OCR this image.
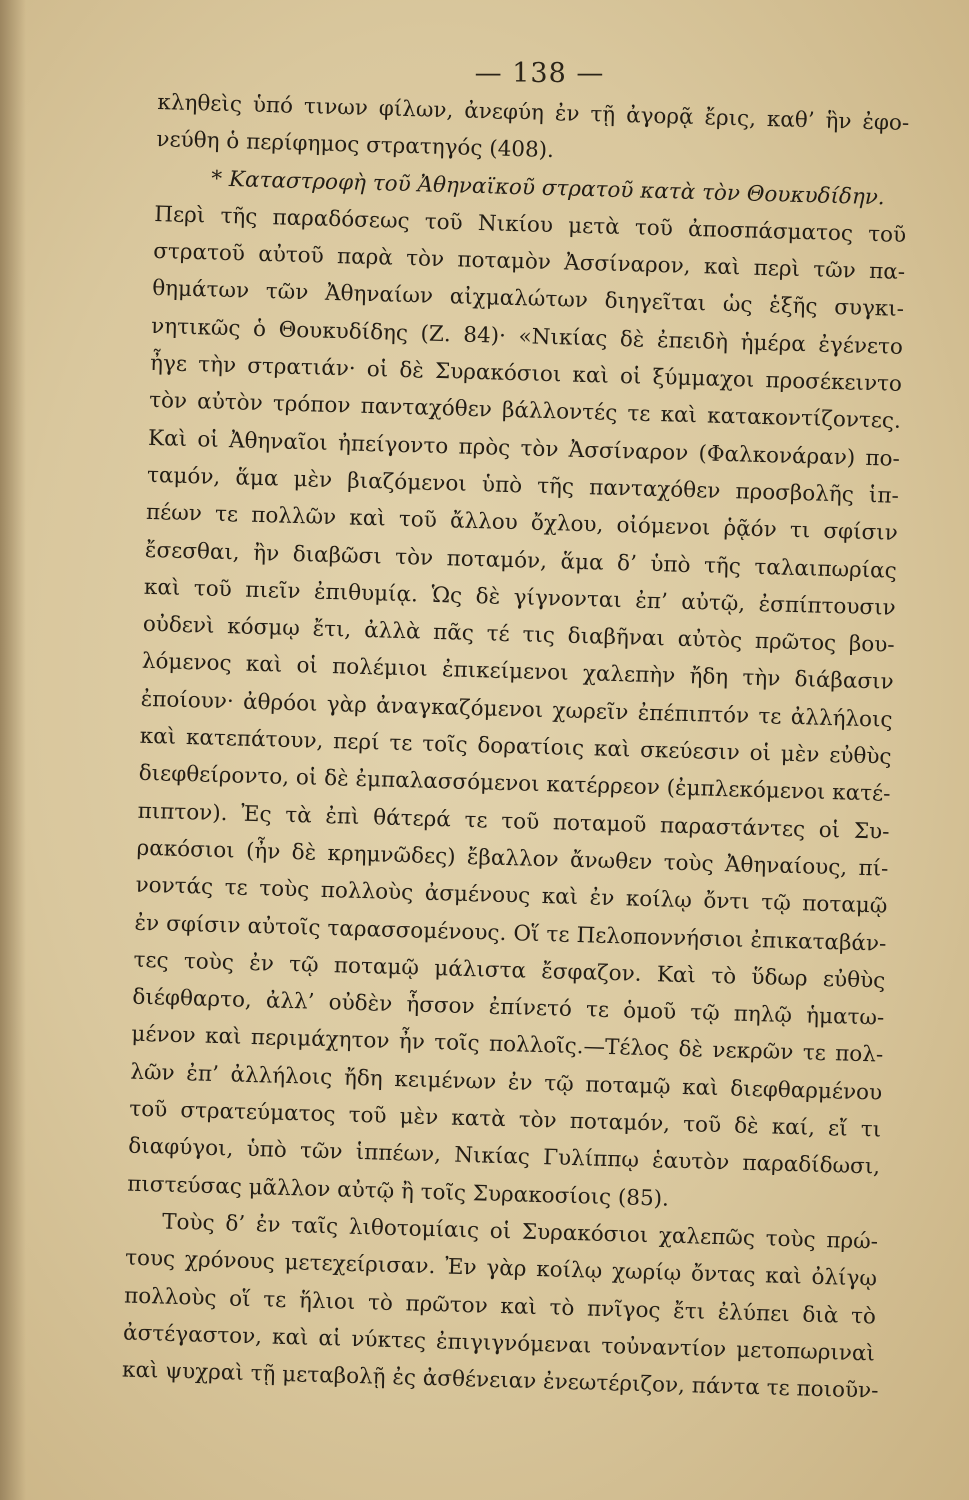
— 138 —
κληθεὶς ὑπό τινων φίλων, ἀνεφύη ἐν τῇ ἀγορᾷ ἔρις, καθ’ ἣν ἐφο-
νεύθη ὁ περίφημος στρατηγός (408).
* Καταστροφὴ τοῦ Ἀθηναϊκοῦ στρατοῦ κατὰ τὸν Θουκυδίδην.
Περὶ τῆς παραδόσεως τοῦ Νικίου μετὰ τοῦ ἀποσπάσματος τοῦ
στρατοῦ αὐτοῦ παρὰ τὸν ποταμὸν Ἀσσίναρον, καὶ περὶ τῶν πα-
θημάτων τῶν Ἀθηναίων αἰχμαλώτων διηγεῖται ὡς ἑξῆς συγκι-
νητικῶς ὁ Θουκυδίδης (Ζ. 84)· «Νικίας δὲ ἐπειδὴ ἡμέρα ἐγένετο
ἦγε τὴν στρατιάν· οἱ δὲ Συρακόσιοι καὶ οἱ ξύμμαχοι προσέκειντο
τὸν αὐτὸν τρόπον πανταχόθεν βάλλοντές τε καὶ κατακοντίζοντες.
Καὶ οἱ Ἀθηναῖοι ἠπείγοντο πρὸς τὸν Ἀσσίναρον (Φαλκονάραν) πο-
ταμόν, ἅμα μὲν βιαζόμενοι ὑπὸ τῆς πανταχόθεν προσβολῆς ἱπ-
πέων τε πολλῶν καὶ τοῦ ἄλλου ὄχλου, οἰόμενοι ῥᾷόν τι σφίσιν
ἔσεσθαι, ἢν διαβῶσι τὸν ποταμόν, ἅμα δ’ ὑπὸ τῆς ταλαιπωρίας
καὶ τοῦ πιεῖν ἐπιθυμίᾳ. Ὡς δὲ γίγνονται ἐπ’ αὐτῷ, ἐσπίπτουσιν
οὐδενὶ κόσμῳ ἔτι, ἀλλὰ πᾶς τέ τις διαβῆναι αὐτὸς πρῶτος βου-
λόμενος καὶ οἱ πολέμιοι ἐπικείμενοι χαλεπὴν ἤδη τὴν διάβασιν
ἐποίουν· ἀθρόοι γὰρ ἀναγκαζόμενοι χωρεῖν ἐπέπιπτόν τε ἀλλήλοις
καὶ κατεπάτουν, περί τε τοῖς δορατίοις καὶ σκεύεσιν οἱ μὲν εὐθὺς
διεφθείροντο, οἱ δὲ ἐμπαλασσόμενοι κατέρρεον (ἐμπλεκόμενοι κατέ-
πιπτον). Ἐς τὰ ἐπὶ θάτερά τε τοῦ ποταμοῦ παραστάντες οἱ Συ-
ρακόσιοι (ἦν δὲ κρημνῶδες) ἔβαλλον ἄνωθεν τοὺς Ἀθηναίους, πί-
νοντάς τε τοὺς πολλοὺς ἀσμένους καὶ ἐν κοίλῳ ὄντι τῷ ποταμῷ
ἐν σφίσιν αὐτοῖς ταρασσομένους. Οἵ τε Πελοποννήσιοι ἐπικαταβάν-
τες τοὺς ἐν τῷ ποταμῷ μάλιστα ἔσφαζον. Καὶ τὸ ὕδωρ εὐθὺς
διέφθαρτο, ἀλλ’ οὐδὲν ἧσσον ἐπίνετό τε ὁμοῦ τῷ πηλῷ ἡματω-
μένον καὶ περιμάχητον ἦν τοῖς πολλοῖς.—Τέλος δὲ νεκρῶν τε πολ-
λῶν ἐπ’ ἀλλήλοις ἤδη κειμένων ἐν τῷ ποταμῷ καὶ διεφθαρμένου
τοῦ στρατεύματος τοῦ μὲν κατὰ τὸν ποταμόν, τοῦ δὲ καί, εἴ τι
διαφύγοι, ὑπὸ τῶν ἱππέων, Νικίας Γυλίππῳ ἑαυτὸν παραδίδωσι,
πιστεύσας μᾶλλον αὐτῷ ἢ τοῖς Συρακοσίοις (85).
Τοὺς δ’ ἐν ταῖς λιθοτομίαις οἱ Συρακόσιοι χαλεπῶς τοὺς πρώ-
τους χρόνους μετεχείρισαν. Ἐν γὰρ κοίλῳ χωρίῳ ὄντας καὶ ὀλίγῳ
πολλοὺς οἵ τε ἥλιοι τὸ πρῶτον καὶ τὸ πνῖγος ἔτι ἐλύπει διὰ τὸ
ἀστέγαστον, καὶ αἱ νύκτες ἐπιγιγνόμεναι τοὐναντίον μετοπωριναὶ
καὶ ψυχραὶ τῇ μεταβολῇ ἐς ἀσθένειαν ἐνεωτέριζον, πάντα τε ποιοῦν-
